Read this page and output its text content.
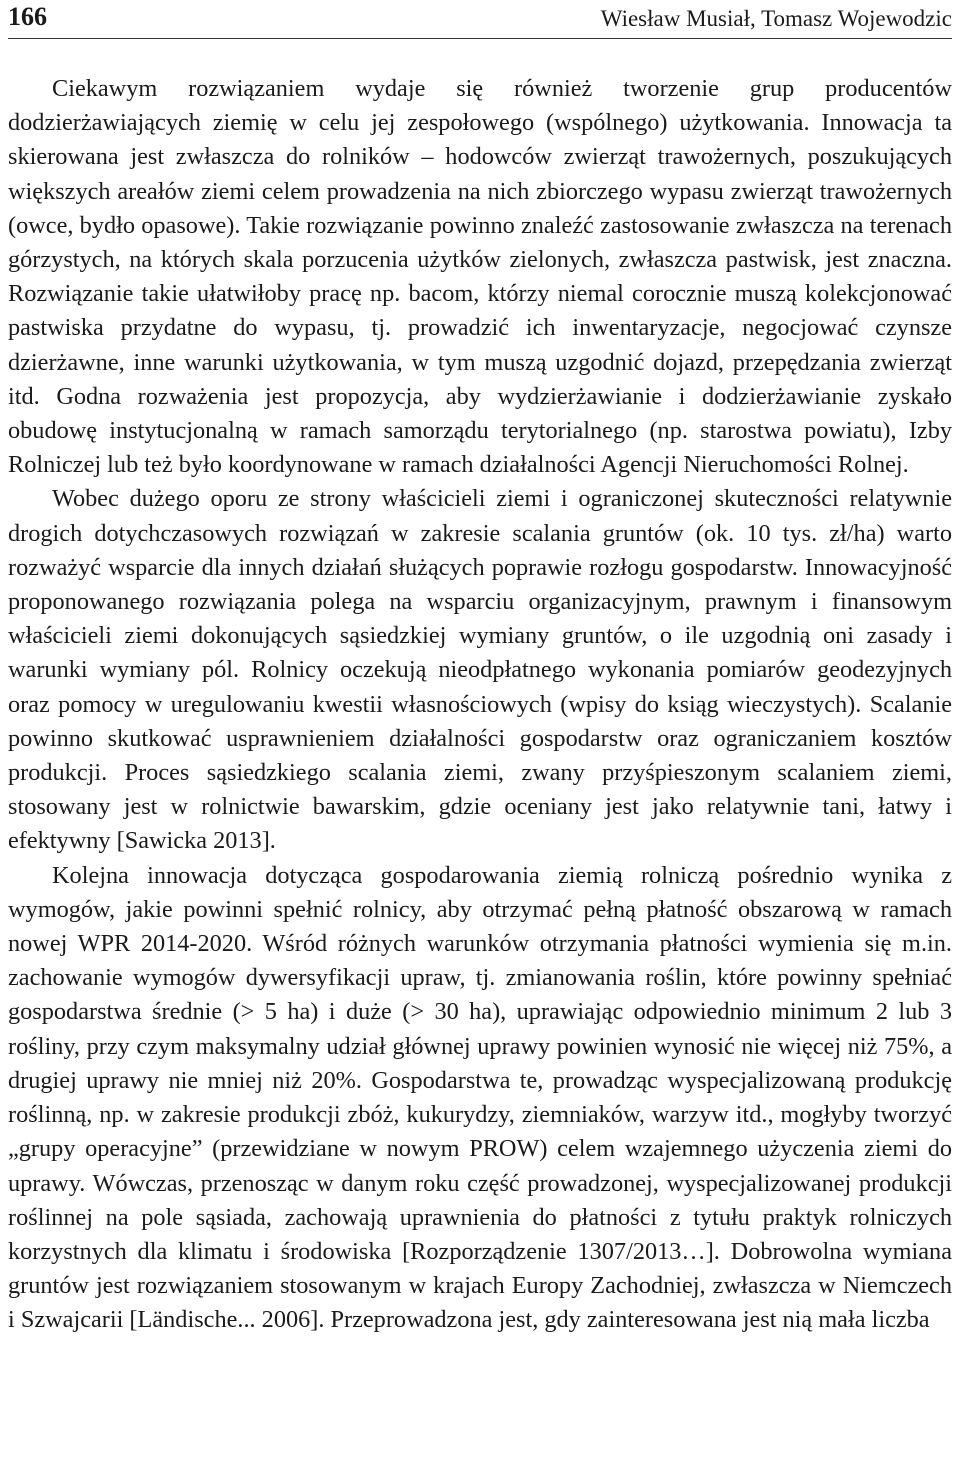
166	Wiesław Musiał, Tomasz Wojewodzic

Ciekawym rozwiązaniem wydaje się również tworzenie grup producentów dodzierżawiających ziemię w celu jej zespołowego (wspólnego) użytkowania. Innowacja ta skierowana jest zwłaszcza do rolników – hodowców zwierząt trawożernych, poszukujących większych areałów ziemi celem prowadzenia na nich zbiorczego wypasu zwierząt trawożernych (owce, bydło opasowe). Takie rozwiązanie powinno znaleźć zastosowanie zwłaszcza na terenach górzystych, na których skala porzucenia użytków zielonych, zwłaszcza pastwisk, jest znaczna. Rozwiązanie takie ułatwiłoby pracę np. bacom, którzy niemal corocznie muszą kolekcjonować pastwiska przydatne do wypasu, tj. prowadzić ich inwentaryzacje, negocjować czynsze dzierżawne, inne warunki użytkowania, w tym muszą uzgodnić dojazd, przepędzania zwierząt itd. Godna rozważenia jest propozycja, aby wydzierżawianie i dodzierżawianie zyskało obudowę instytucjonalną w ramach samorządu terytorialnego (np. starostwa powiatu), Izby Rolniczej lub też było koordynowane w ramach działalności Agencji Nieruchomości Rolnej.

Wobec dużego oporu ze strony właścicieli ziemi i ograniczonej skuteczności relatywnie drogich dotychczasowych rozwiązań w zakresie scalania gruntów (ok. 10 tys. zł/ha) warto rozważyć wsparcie dla innych działań służących poprawie rozłogu gospodarstw. Innowacyjność proponowanego rozwiązania polega na wsparciu organizacyjnym, prawnym i finansowym właścicieli ziemi dokonujących sąsiedzkiej wymiany gruntów, o ile uzgodnią oni zasady i warunki wymiany pól. Rolnicy oczekują nieodpłatnego wykonania pomiarów geodezyjnych oraz pomocy w uregulowaniu kwestii własnościowych (wpisy do ksiąg wieczystych). Scalanie powinno skutkować usprawnieniem działalności gospodarstw oraz ograniczaniem kosztów produkcji. Proces sąsiedzkiego scalania ziemi, zwany przyśpieszonym scalaniem ziemi, stosowany jest w rolnictwie bawarskim, gdzie oceniany jest jako relatywnie tani, łatwy i efektywny [Sawicka 2013].

Kolejna innowacja dotycząca gospodarowania ziemią rolniczą pośrednio wynika z wymogów, jakie powinni spełnić rolnicy, aby otrzymać pełną płatność obszarową w ramach nowej WPR 2014-2020. Wśród różnych warunków otrzymania płatności wymienia się m.in. zachowanie wymogów dywersyfikacji upraw, tj. zmianowania roślin, które powinny spełniać gospodarstwa średnie (> 5 ha) i duże (> 30 ha), uprawiając odpowiednio minimum 2 lub 3 rośliny, przy czym maksymalny udział głównej uprawy powinien wynosić nie więcej niż 75%, a drugiej uprawy nie mniej niż 20%. Gospodarstwa te, prowadząc wyspecjalizowaną produkcję roślinną, np. w zakresie produkcji zbóż, kukurydzy, ziemniaków, warzyw itd., mogłyby tworzyć „grupy operacyjne” (przewidziane w nowym PROW) celem wzajemnego użyczenia ziemi do uprawy. Wówczas, przenosząc w danym roku część prowadzonej, wyspecjalizowanej produkcji roślinnej na pole sąsiada, zachowają uprawnienia do płatności z tytułu praktyk rolniczych korzystnych dla klimatu i środowiska [Rozporządzenie 1307/2013…]. Dobrowolna wymiana gruntów jest rozwiązaniem stosowanym w krajach Europy Zachodniej, zwłaszcza w Niemczech i Szwajcarii [Ländische... 2006]. Przeprowadzona jest, gdy zainteresowana jest nią mała liczba
